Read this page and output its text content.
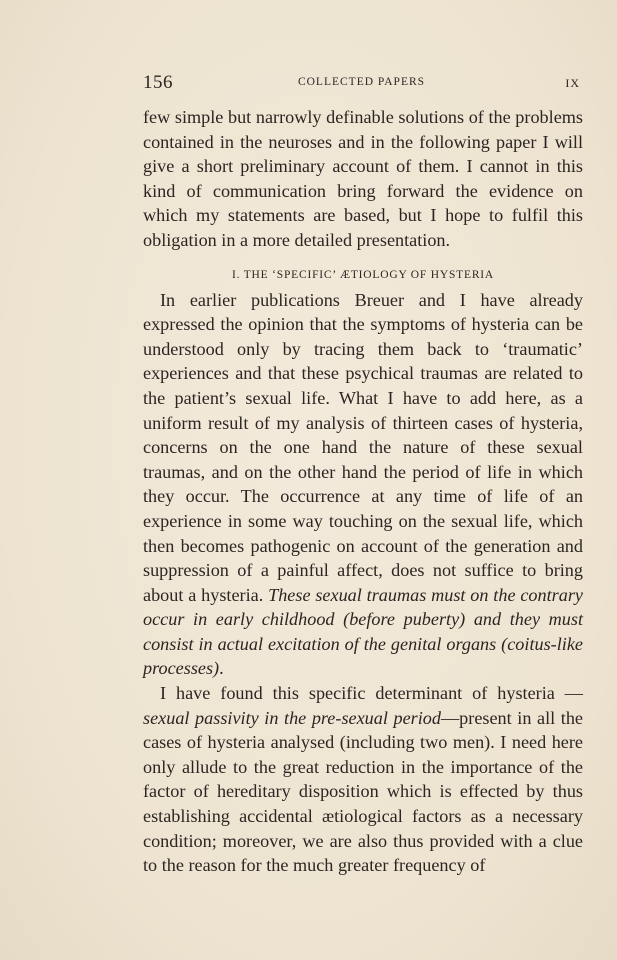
156	COLLECTED PAPERS	IX

few simple but narrowly definable solutions of the problems contained in the neuroses and in the following paper I will give a short preliminary account of them. I cannot in this kind of communication bring forward the evidence on which my statements are based, but I hope to fulfil this obligation in a more detailed presentation.

I. THE ‘SPECIFIC’ ÆTIOLOGY OF HYSTERIA

In earlier publications Breuer and I have already expressed the opinion that the symptoms of hysteria can be understood only by tracing them back to ‘traumatic’ experiences and that these psychical traumas are related to the patient’s sexual life. What I have to add here, as a uniform result of my analysis of thirteen cases of hysteria, concerns on the one hand the nature of these sexual traumas, and on the other hand the period of life in which they occur. The occurrence at any time of life of an experience in some way touching on the sexual life, which then becomes pathogenic on account of the generation and suppression of a painful affect, does not suffice to bring about a hysteria. These sexual traumas must on the contrary occur in early childhood (before puberty) and they must consist in actual excitation of the genital organs (coitus-like processes).

I have found this specific determinant of hysteria —sexual passivity in the pre-sexual period—present in all the cases of hysteria analysed (including two men). I need here only allude to the great reduction in the importance of the factor of hereditary disposition which is effected by thus establishing accidental ætiological factors as a necessary condition; moreover, we are also thus provided with a clue to the reason for the much greater frequency of
